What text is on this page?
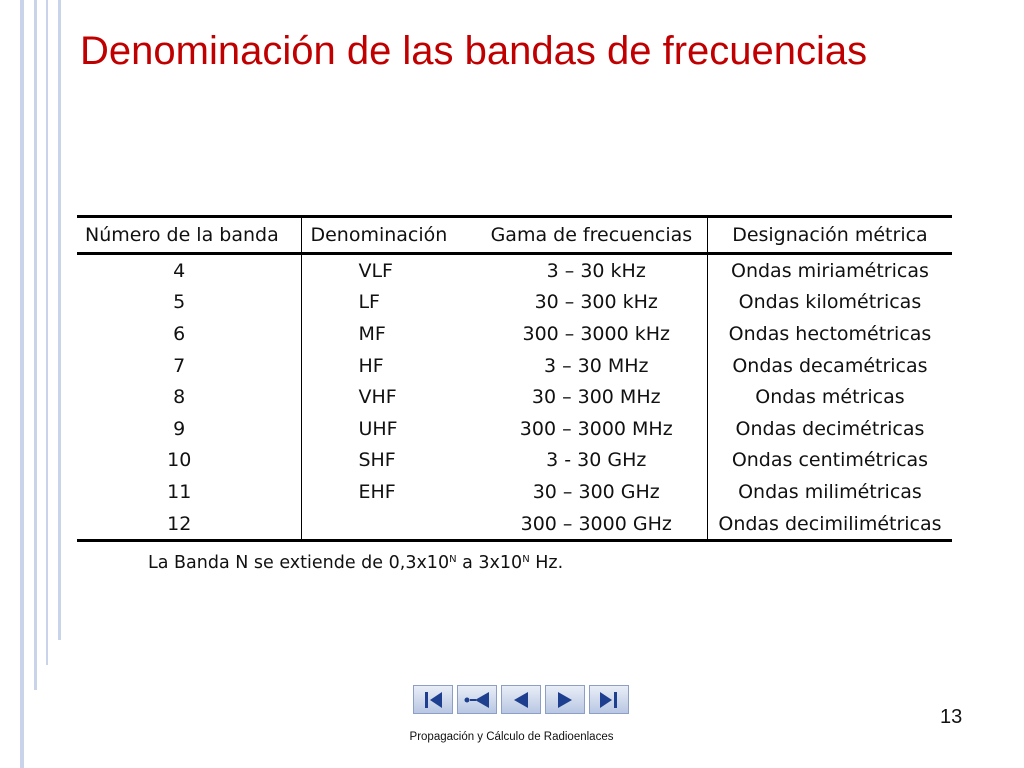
Denominación de las bandas de frecuencias
Número de la banda	Denominación	Gama de frecuencias	Designación métrica
4	VLF	3 – 30 kHz	Ondas miriamétricas
5	LF	30 – 300 kHz	Ondas kilométricas
6	MF	300 – 3000 kHz	Ondas hectométricas
7	HF	3 – 30 MHz	Ondas decamétricas
8	VHF	30 – 300 MHz	Ondas métricas
9	UHF	300 – 3000 MHz	Ondas decimétricas
10	SHF	3 - 30 GHz	Ondas centimétricas
11	EHF	30 – 300 GHz	Ondas milimétricas
12		300 – 3000 GHz	Ondas decimilimétricas
La Banda N se extiende de $0,3x10^N$ a $3x10^N$ Hz.
13
Propagación y Cálculo de Radioenlaces
